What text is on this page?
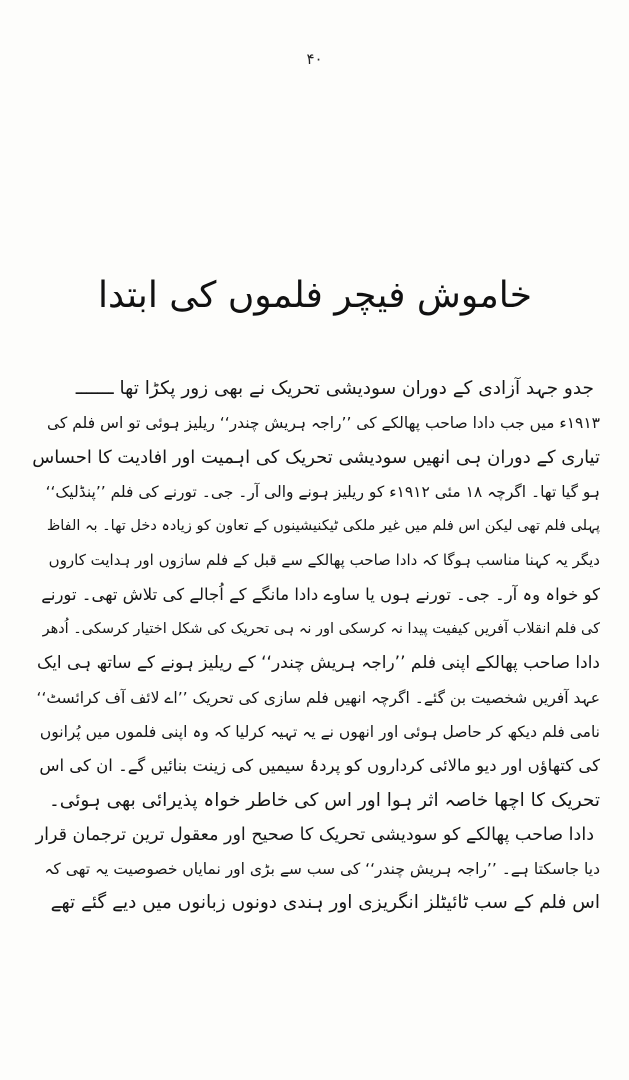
۴۰
خاموش فیچر فلموں کی ابتدا
جدو جہد آزادی کے دوران سودیشی تحریک نے بھی زور پکڑا تھا ـــــــ
۱۹۱۳ء میں جب دادا صاحب پھالکے کی ’’راجہ ہریش چندر‘‘ ریلیز ہوئی تو اس فلم کی
تیاری کے دوران ہی انھیں سودیشی تحریک کی اہمیت اور افادیت کا احساس
ہو گیا تھا۔ اگرچہ ۱۸ مئی ۱۹۱۲ء کو ریلیز ہونے والی آر۔ جی۔ تورنے کی فلم ’’پنڈلیک‘‘
پہلی فلم تھی لیکن اس فلم میں غیر ملکی ٹیکنیشینوں کے تعاون کو زیادہ دخل تھا۔ بہ الفاظ
دیگر یہ کہنا مناسب ہوگا کہ دادا صاحب پھالکے سے قبل کے فلم سازوں اور ہدایت کاروں
کو خواہ وہ آر۔ جی۔ تورنے ہوں یا ساوے دادا مانگے کے اُجالے کی تلاش تھی۔ تورنے
کی فلم انقلاب آفریں کیفیت پیدا نہ کرسکی اور نہ ہی تحریک کی شکل اختیار کرسکی۔ اُدھر
دادا صاحب پھالکے اپنی فلم ’’راجہ ہریش چندر‘‘ کے ریلیز ہونے کے ساتھ ہی ایک
عہد آفریں شخصیت بن گئے۔ اگرچہ انھیں فلم سازی کی تحریک ’’اے لائف آف کرائسٹ‘‘
نامی فلم دیکھ کر حاصل ہوئی اور انھوں نے یہ تہیہ کرلیا کہ وہ اپنی فلموں میں پُرانوں
کی کتھاؤں اور دیو مالائی کرداروں کو پردۂ سیمیں کی زینت بنائیں گے۔ ان کی اس
تحریک کا اچھا خاصہ اثر ہوا اور اس کی خاطر خواہ پذیرائی بھی ہوئی۔
دادا صاحب پھالکے کو سودیشی تحریک کا صحیح اور معقول ترین ترجمان قرار
دیا جاسکتا ہے۔ ’’راجہ ہریش چندر‘‘ کی سب سے بڑی اور نمایاں خصوصیت یہ تھی کہ
اس فلم کے سب ٹائیٹلز انگریزی اور ہندی دونوں زبانوں میں دیے گئے تھے
